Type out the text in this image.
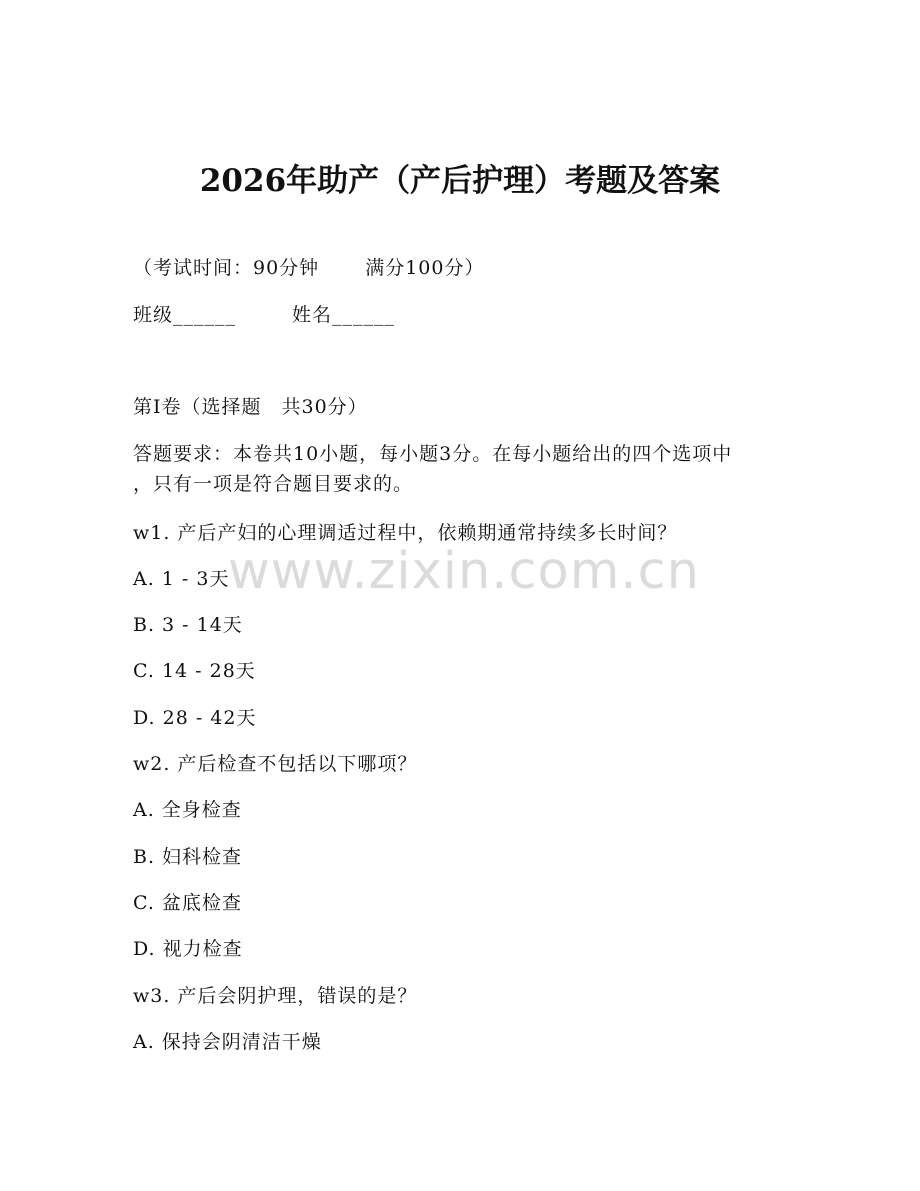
2026年助产（产后护理）考题及答案
（考试时间：90分钟 满分100分）
班级______	姓名______
第Ⅰ卷（选择题　共30分）
答题要求：本卷共10小题，每小题3分。在每小题给出的四个选项中
，只有一项是符合题目要求的。
w1. 产后产妇的心理调适过程中，依赖期通常持续多长时间？
A. 1 - 3天
B. 3 - 14天
C. 14 - 28天
D. 28 - 42天
w2. 产后检查不包括以下哪项？
A. 全身检查
B. 妇科检查
C. 盆底检查
D. 视力检查
w3. 产后会阴护理，错误的是？
A. 保持会阴清洁干燥
www.zixin.com.cn
